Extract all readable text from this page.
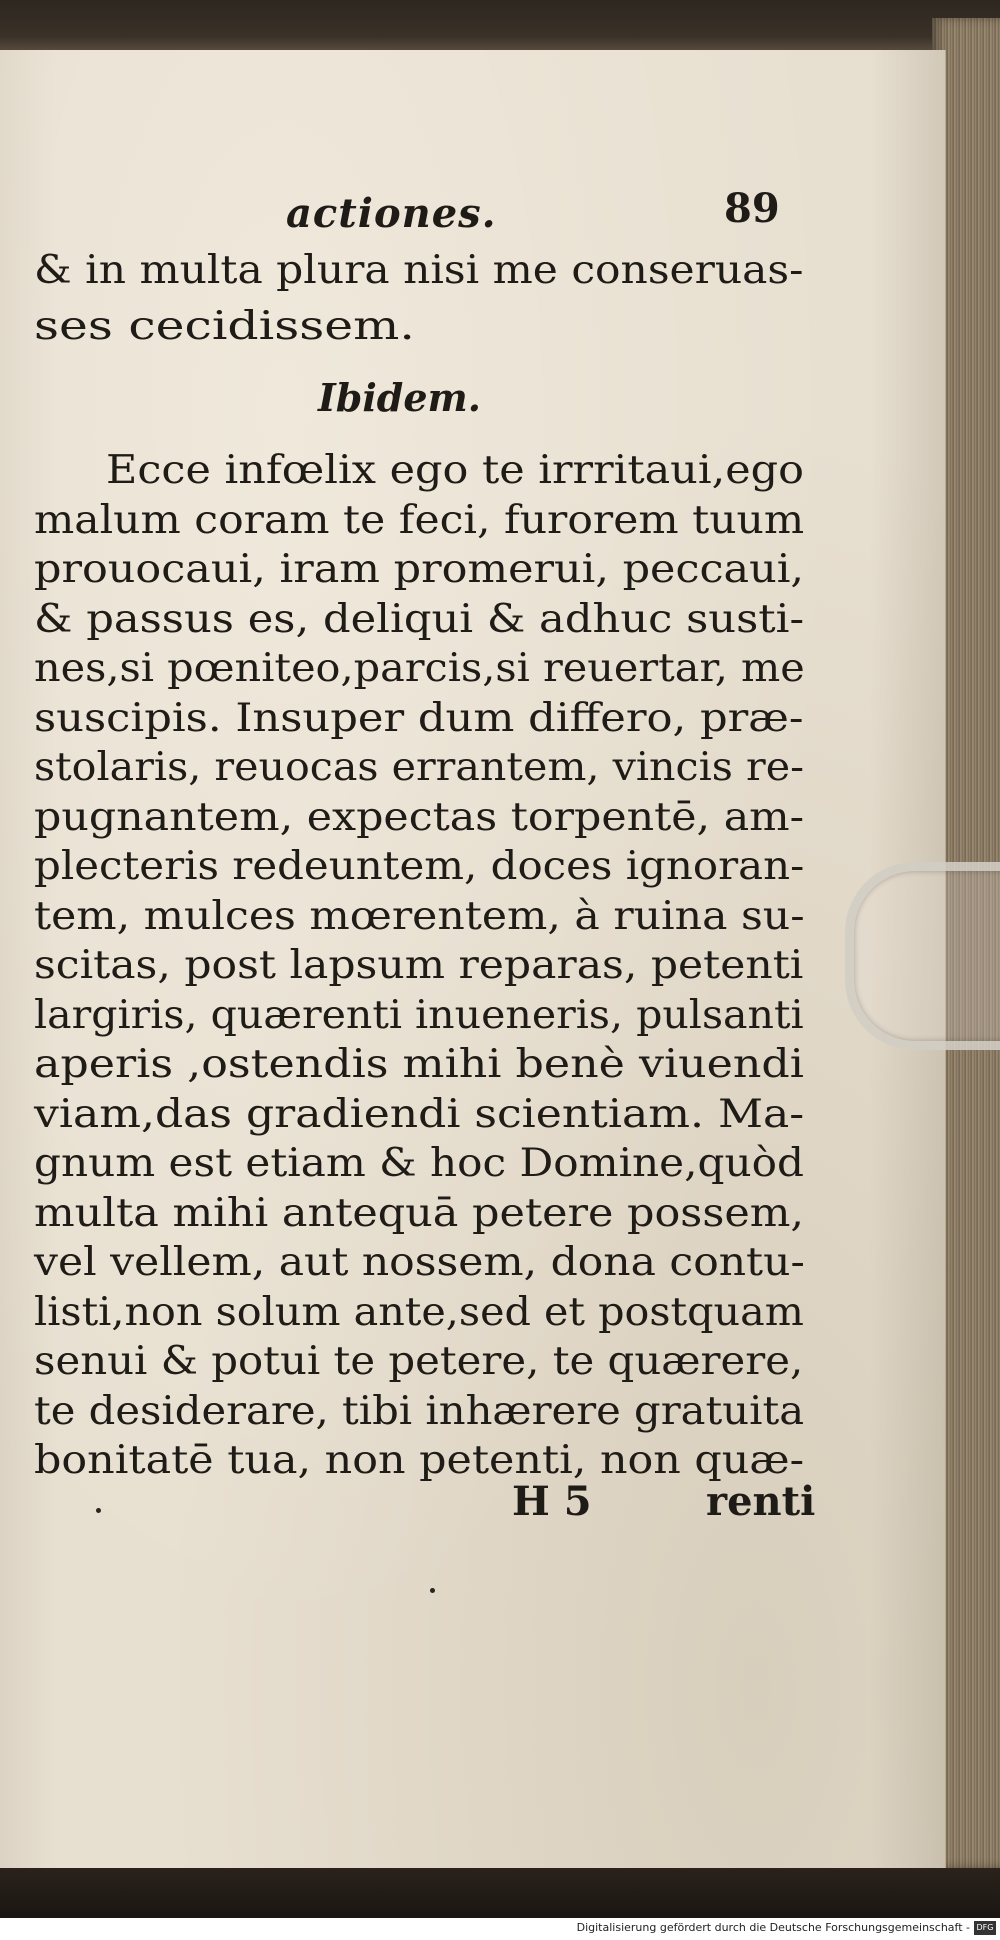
actiones.	89
& in multa plura nisi me conseruas-
ses cecidissem.
Ibidem.
Ecce infœlix ego te irrritaui,ego
malum coram te feci, furorem tuum
prouocaui, iram promerui, peccaui,
& passus es, deliqui & adhuc susti-
nes,si pœniteo,parcis,si reuertar, me
suscipis. Insuper dum differo, præ-
stolaris, reuocas errantem, vincis re-
pugnantem, expectas torpentē, am-
plecteris redeuntem, doces ignoran-
tem, mulces mœrentem, à ruina su-
scitas, post lapsum reparas, petenti
largiris, quærenti inueneris, pulsanti
aperis ,ostendis mihi benè viuendi
viam,das gradiendi scientiam. Ma-
gnum est etiam & hoc Domine,quòd
multa mihi antequā petere possem,
vel vellem, aut nossem, dona contu-
listi,non solum ante,sed et postquam
senui & potui te petere, te quærere,
te desiderare, tibi inhærere gratuita
bonitatē tua, non petenti, non quæ-
H 5	renti
Digitalisierung gefördert durch die Deutsche Forschungsgemeinschaft - DFG
